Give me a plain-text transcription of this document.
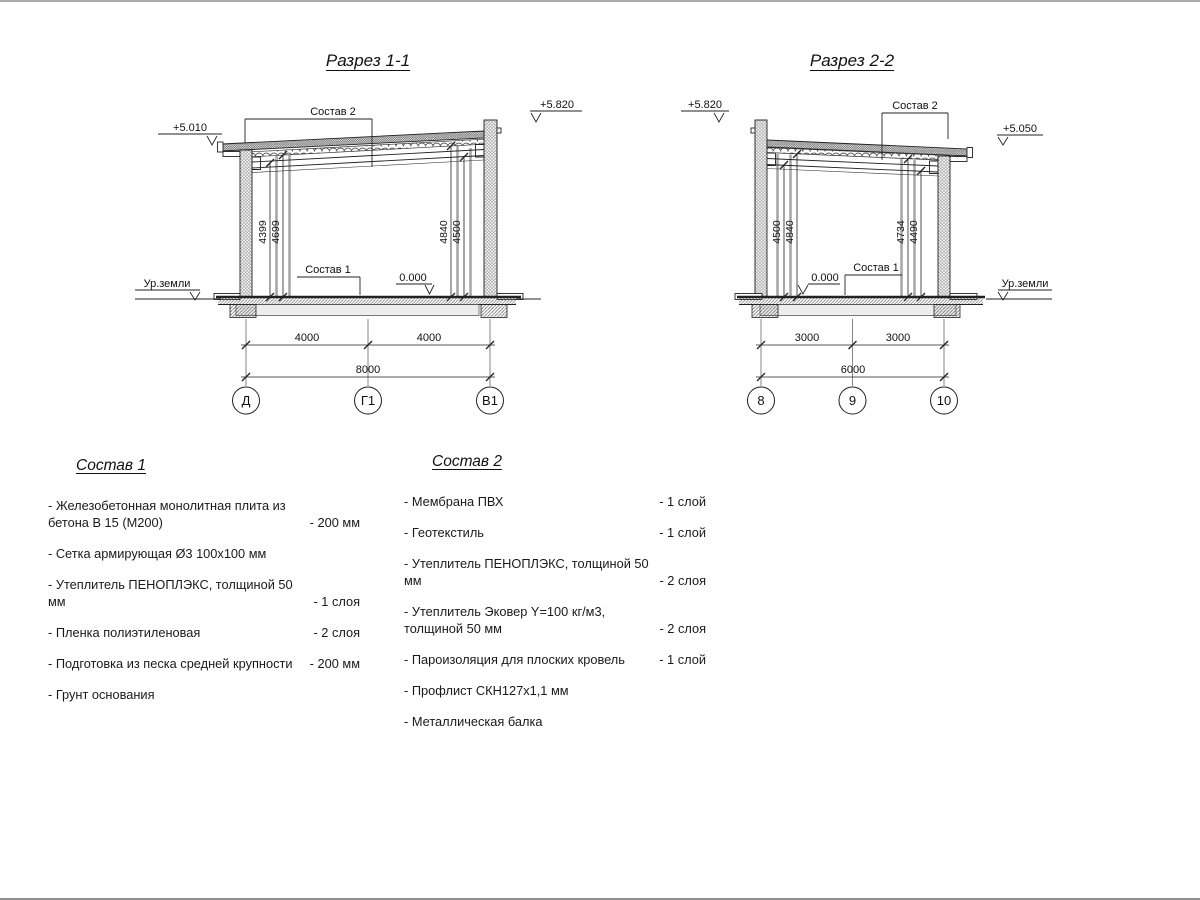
Разрез 1-1	Разрез 2-2
Состав 2
Состав 1
0.000
+5.010
+5.820
Ур.земли
4399 4699	4840 4500
4000	4000
8000
Д	Г1	В1
Состав 2
Состав 1
0.000
+5.820
+5.050
Ур.земли
4500 4840	4734 4490
3000	3000
6000
8	9	10
Состав 1
- Железобетонная монолитная плита из бетона В 15 (М200)	- 200 мм
- Сетка армирующая Ø3 100х100 мм
- Утеплитель ПЕНОПЛЭКС, толщиной 50 мм	- 1 слоя
- Пленка полиэтиленовая	- 2 слоя
- Подготовка из песка средней крупности	- 200 мм
- Грунт основания
Состав 2
- Мембрана ПВХ	- 1 слой
- Геотекстиль	- 1 слой
- Утеплитель ПЕНОПЛЭКС, толщиной 50 мм	- 2 слоя
- Утеплитель Эковер Y=100 кг/м3, толщиной 50 мм	- 2 слоя
- Пароизоляция для плоских кровель	- 1 слой
- Профлист СКН127х1,1 мм
- Металлическая балка
